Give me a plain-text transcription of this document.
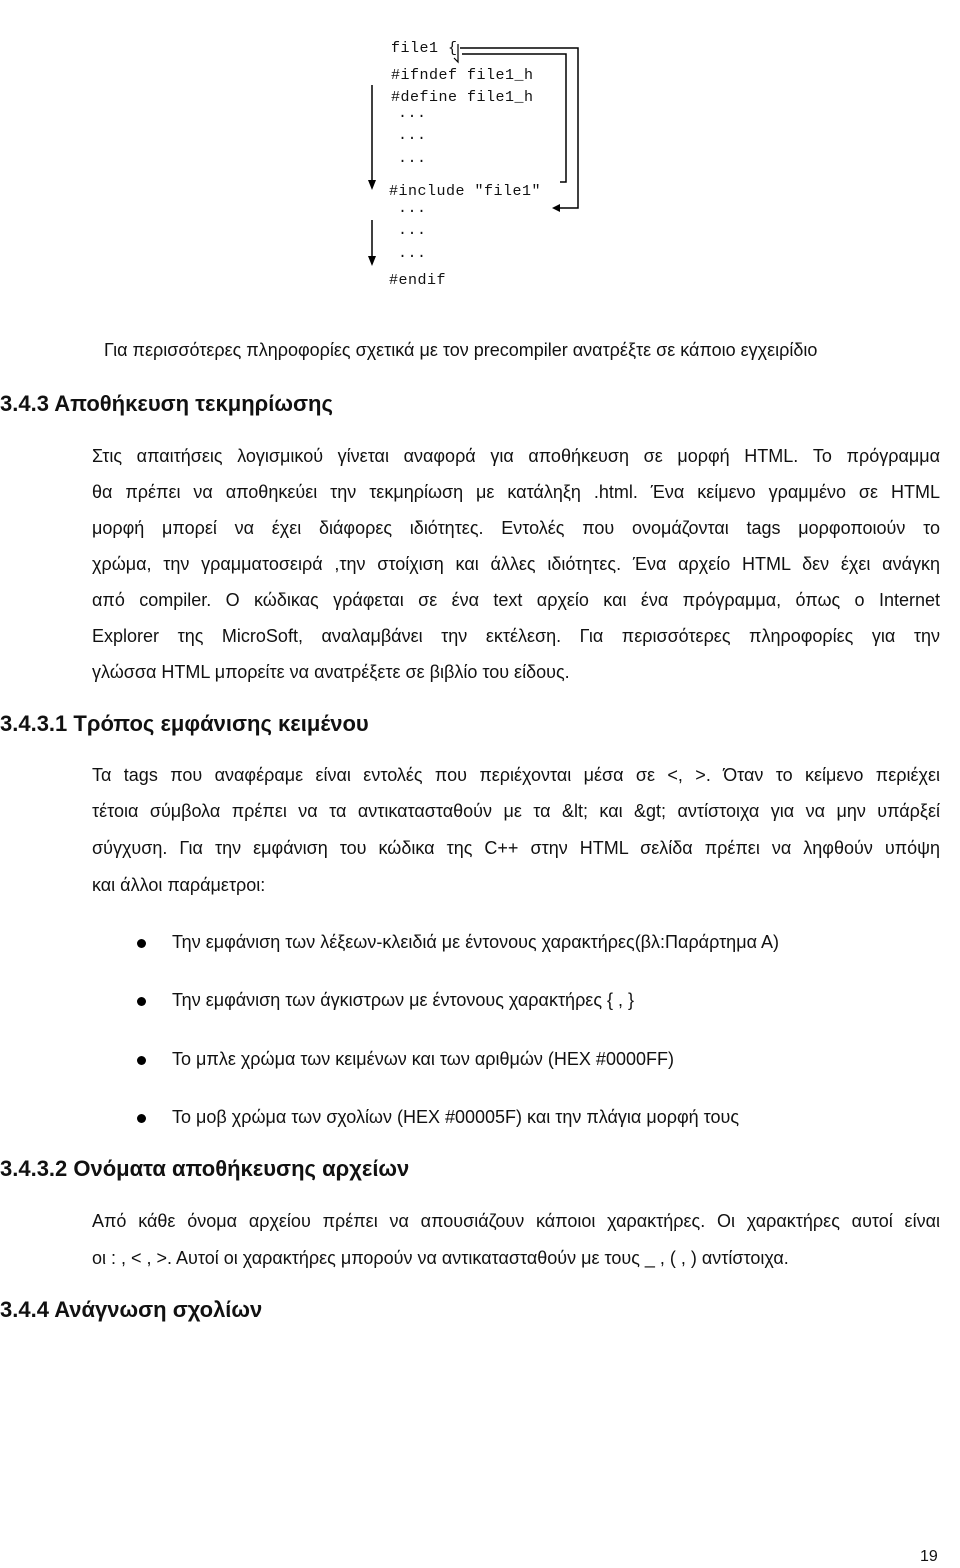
file1 {
#ifndef file1_h
#define file1_h
...
...
...
#include "file1"
...
...
...
#endif
Για περισσότερες πληροφορίες σχετικά με τον precompiler ανατρέξτε σε κάποιο εγχειρίδιο
3.4.3 Αποθήκευση τεκμηρίωσης
Στις απαιτήσεις λογισμικού γίνεται αναφορά για αποθήκευση σε μορφή HTML. Το πρόγραμμα
θα πρέπει να αποθηκεύει την τεκμηρίωση με κατάληξη .html. Ένα κείμενο γραμμένο σε HTML
μορφή μπορεί να έχει διάφορες ιδιότητες. Εντολές που ονομάζονται tags μορφοποιούν το
χρώμα, την γραμματοσειρά ,την στοίχιση και άλλες ιδιότητες. Ένα αρχείο HTML δεν έχει ανάγκη
από compiler. Ο κώδικας γράφεται σε ένα text αρχείο και ένα πρόγραμμα, όπως ο Internet
Explorer της MicroSoft, αναλαμβάνει την εκτέλεση. Για περισσότερες πληροφορίες για την
γλώσσα HTML μπορείτε να ανατρέξετε σε βιβλίο του είδους.
3.4.3.1 Τρόπος εμφάνισης κειμένου
Τα tags που αναφέραμε είναι εντολές που περιέχονται μέσα σε <, >. Όταν το κείμενο περιέχει
τέτοια σύμβολα πρέπει να τα αντικατασταθούν με τα &lt; και &gt; αντίστοιχα για να μην υπάρξεί
σύγχυση. Για την εμφάνιση του κώδικα της C++ στην HTML σελίδα πρέπει να ληφθούν υπόψη
και άλλοι παράμετροι:
Την εμφάνιση των λέξεων-κλειδιά με έντονους χαρακτήρες(βλ:Παράρτημα Α)
Την εμφάνιση των άγκιστρων με έντονους χαρακτήρες { , }
Το μπλε χρώμα των κειμένων και των αριθμών (HEX #0000FF)
Το μοβ χρώμα των σχολίων (HEX #00005F) και την πλάγια μορφή τους
3.4.3.2 Ονόματα αποθήκευσης αρχείων
Από κάθε όνομα αρχείου πρέπει να απουσιάζουν κάποιοι χαρακτήρες. Οι χαρακτήρες αυτοί είναι
οι : , < , >. Αυτοί οι χαρακτήρες μπορούν να αντικατασταθούν με τους _ , ( , ) αντίστοιχα.
3.4.4 Ανάγνωση σχολίων
19
